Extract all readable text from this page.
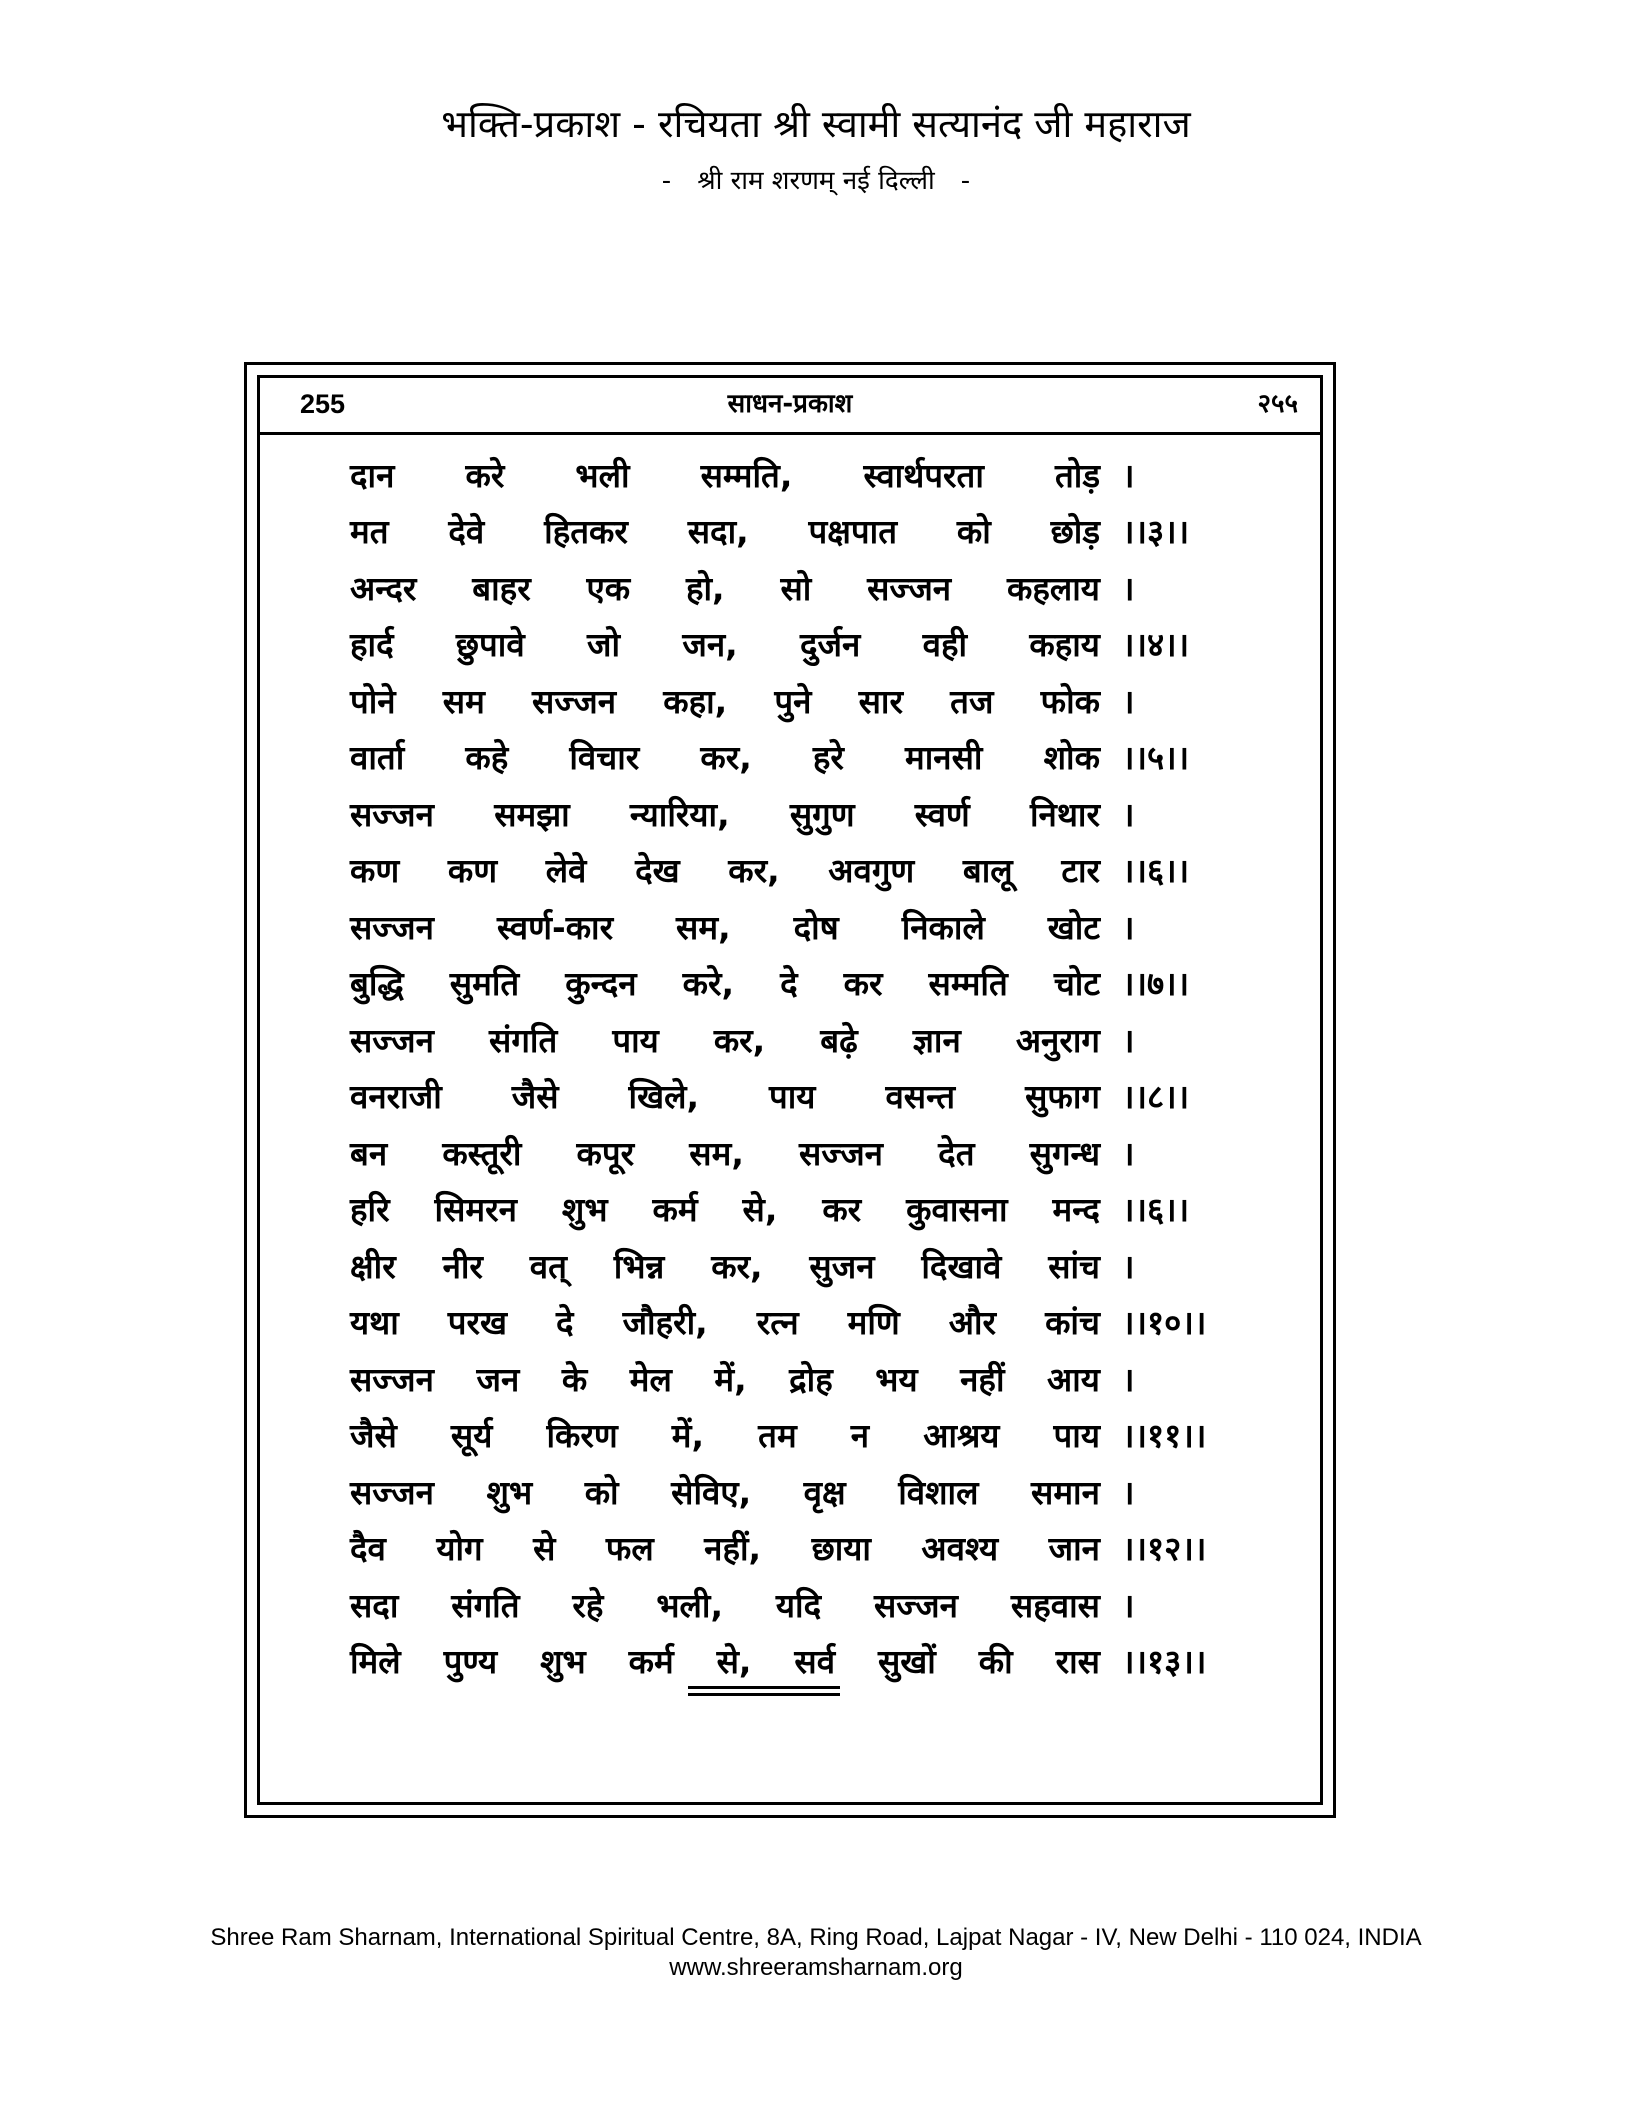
भक्ति-प्रकाश - रचियता श्री स्वामी सत्यानंद जी महाराज
- श्री राम शरणम् नई दिल्ली -
255	साधन-प्रकाश	२५५
दान करे भली सम्मति, स्वार्थपरता तोड़ ।
मत देवे हितकर सदा, पक्षपात को छोड़ ।।३।।
अन्दर बाहर एक हो, सो सज्जन कहलाय ।
हार्द छुपावे जो जन, दुर्जन वही कहाय ।।४।।
पोने सम सज्जन कहा, पुने सार तज फोक ।
वार्ता कहे विचार कर, हरे मानसी शोक ।।५।।
सज्जन समझा न्यारिया, सुगुण स्वर्ण निथार ।
कण कण लेवे देख कर, अवगुण बालू टार ।।६।।
सज्जन स्वर्ण-कार सम, दोष निकाले खोट ।
बुद्धि सुमति कुन्दन करे, दे कर सम्मति चोट ।।७।।
सज्जन संगति पाय कर, बढ़े ज्ञान अनुराग ।
वनराजी जैसे खिले, पाय वसन्त सुफाग ।।८।।
बन कस्तूरी कपूर सम, सज्जन देत सुगन्ध ।
हरि सिमरन शुभ कर्म से, कर कुवासना मन्द ।।६।।
क्षीर नीर वत् भिन्न कर, सुजन दिखावे सांच ।
यथा परख दे जौहरी, रत्न मणि और कांच ।।१०।।
सज्जन जन के मेल में, द्रोह भय नहीं आय ।
जैसे सूर्य किरण में, तम न आश्रय पाय ।।११।।
सज्जन शुभ को सेविए, वृक्ष विशाल समान ।
दैव योग से फल नहीं, छाया अवश्य जान ।।१२।।
सदा संगति रहे भली, यदि सज्जन सहवास ।
मिले पुण्य शुभ कर्म से, सर्व सुखों की रास ।।१३।।
Shree Ram Sharnam, International Spiritual Centre, 8A, Ring Road, Lajpat Nagar - IV, New Delhi - 110 024, INDIA
www.shreeramsharnam.org
